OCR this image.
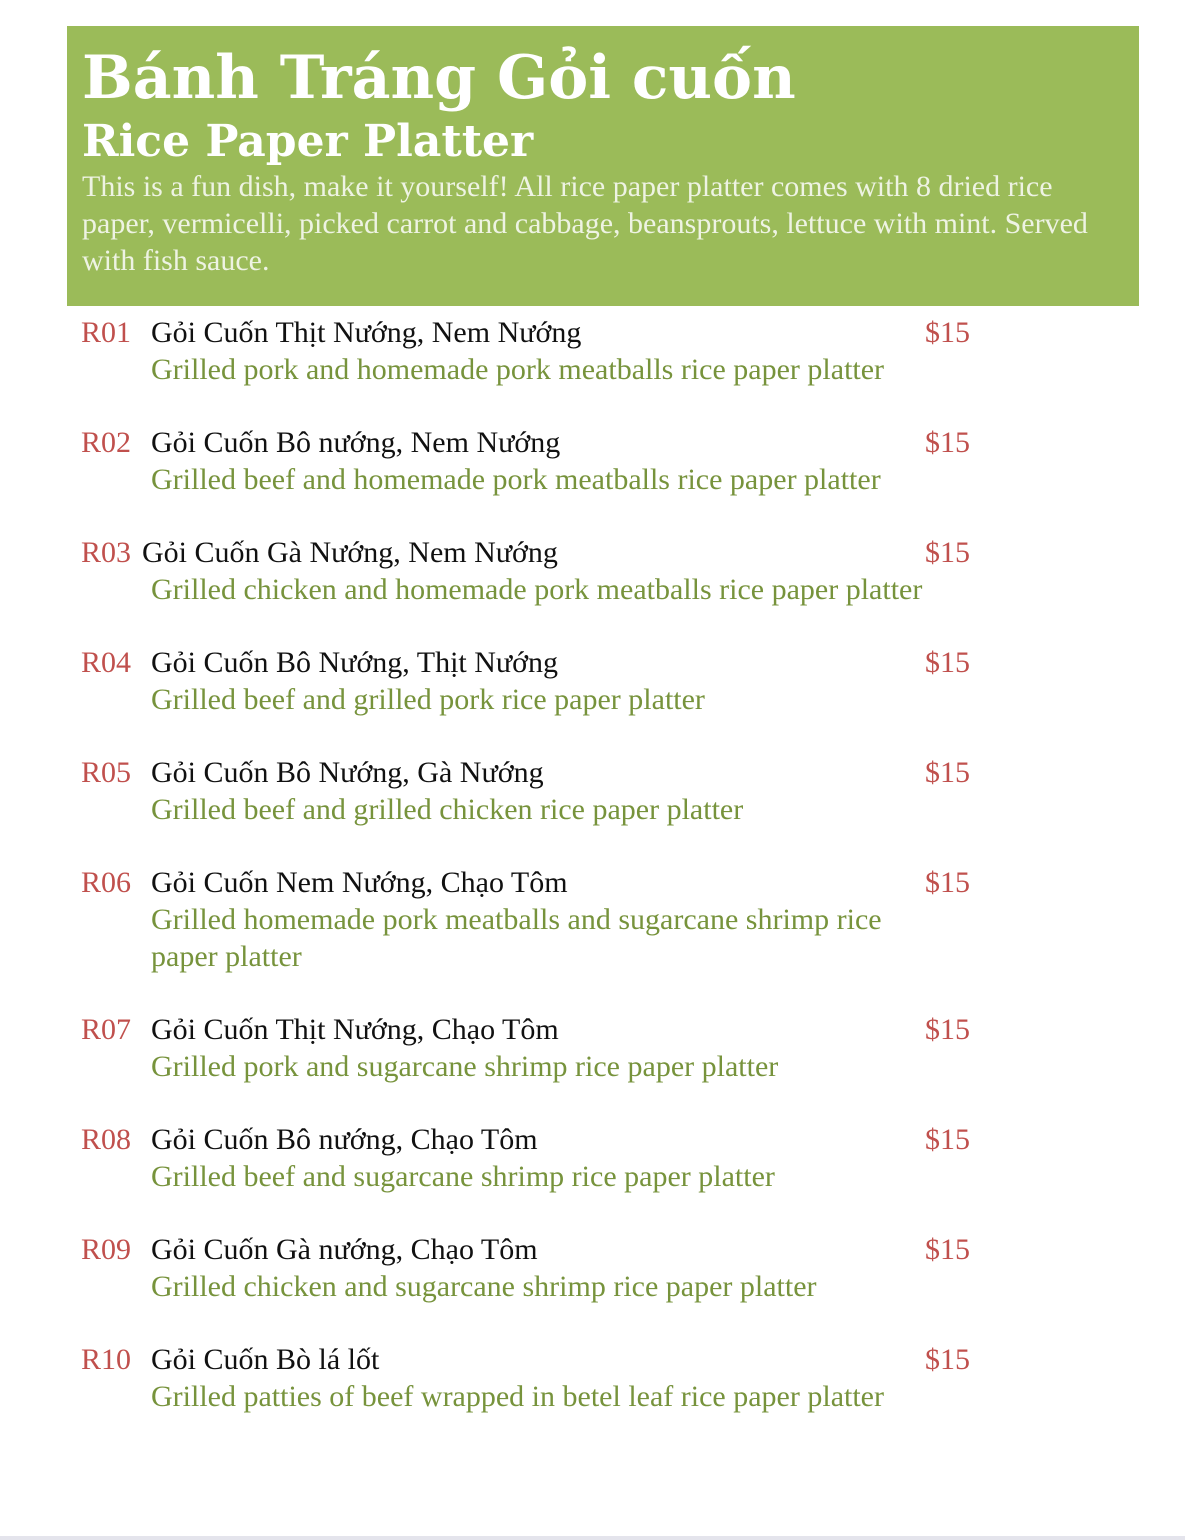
Bánh Tráng Gỏi cuốn
Rice Paper Platter
This is a fun dish, make it yourself! All rice paper platter comes with 8 dried rice paper, vermicelli, picked carrot and cabbage, beansprouts, lettuce with mint. Served with fish sauce.
R01 Gỏi Cuốn Thịt Nướng, Nem Nướng	$15
Grilled pork and homemade pork meatballs rice paper platter
R02 Gỏi Cuốn Bô nướng, Nem Nướng	$15
Grilled beef and homemade pork meatballs rice paper platter
R03 Gỏi Cuốn Gà Nướng, Nem Nướng	$15
Grilled chicken and homemade pork meatballs rice paper platter
R04 Gỏi Cuốn Bô Nướng, Thịt Nướng	$15
Grilled beef and grilled pork rice paper platter
R05 Gỏi Cuốn Bô Nướng, Gà Nướng	$15
Grilled beef and grilled chicken rice paper platter
R06 Gỏi Cuốn Nem Nướng, Chạo Tôm	$15
Grilled homemade pork meatballs and sugarcane shrimp rice paper platter
R07 Gỏi Cuốn Thịt Nướng, Chạo Tôm	$15
Grilled pork and sugarcane shrimp rice paper platter
R08 Gỏi Cuốn Bô nướng, Chạo Tôm	$15
Grilled beef and sugarcane shrimp rice paper platter
R09 Gỏi Cuốn Gà nướng, Chạo Tôm	$15
Grilled chicken and sugarcane shrimp rice paper platter
R10 Gỏi Cuốn Bò lá lốt	$15
Grilled patties of beef wrapped in betel leaf rice paper platter
